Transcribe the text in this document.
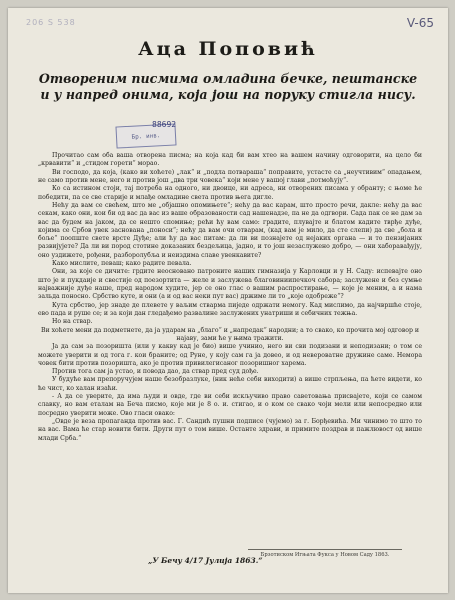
206 S 538	V-65
Бр. инв.
88692
Аца Поповић
Отвореним писмима омладина бечке, пештанске и у напред онима, која још на поруку стигла нису.

Прочитао сам оба ваша отворена писма; на која кад би вам хтео на вашем начину одговорити, на цело би „крвавити“ и „стидом горети“ морао.

Ви господо, да која, (како ви хоћете) „лак“ и „подла потвараша“ поправите, устасте са „неучтивим“ опадањем, не само против мене, него и против још „два три човека“ који мене у вашој глави „потмоћују“.

Ко са истином стоји, тај потреба на одного, ни двоице, ни адреса, ни отворених писама у обранту; с њоме ће победити, па се све старије и млађе омладине света против њега дигле.

Нећу да вам се свећем, што ме „објашно опомињете“; нећу да вас карам, што просто речи, дакле: нећу да вас секам, како они, кои би од вас да вас из ваше образованости сад нашенадзе, па не да одгвори. Сада пак се не дам за вас да будем на јаком, да се нешто спомиње; рећи ћу вам само: градите, плувајте и блатом кадите тврђе дуђе, којима се Србов увек заснована „поноси“; нећу да вам очи отварам, (кад вам је мило, да сте слепи) да све „бола и боље“ поопште свете врсте Дуђе; али ћу да вас питам: да ли ви познајете од нејаких органа — и то пензијаних развијујете? Да ли ви пород стотине доказаних бездељица, јадно, и то још незаслужено добро, — они хаборавађују, оно уздижете, рођени, разборолубља и неиздима славе увенкавите?

Како мислите, певаш; како радите певала.

Они, за које се дичите: грдите неосновано патроните наших гимназија у Карловци и у Н. Саду: испевајте оно што је и пукдаије и свестије од поезортита — желе и заслужева благовиниипечкоч сабора; заслужене и без сумње најважније дуђе наше, пред народом худите, јер се оно глас о вашим распростирање, — које је меним, а и нама зальда поносно. Србство куте, и они (а и од вас неки пут вас) држиме ли то „које одобреже“?

Кута србство, јер знаде де плевете у ваљим стварма пиједе одржати немогу. Кад мислимо, да најчвршће стоје, ево пада и рушe се; и за који дан гледађемо развалине заслужених унатриши и себичних тежња.

Но на ствар.

Ви хоћете мени да подметнете, да ја ударам на „благо“ и „напредак“ народни; а то свако, ко прочита мој одговор и најаву, зами ће у њима тражити.

Ја да сам за позоришта (или у какву кад је био) више учинио, него ви сви подизани и неподизани; о том се можете уверити и од тога г. кои бранитe; од Руне, у коју сам га ја довео, и од невероватне дружине саме. Немора човек бити против позоришта, ако је против привилегисаног позоришног харема.

Против тога сам ја устао, и поводa дао, да ствар пред суд дође.

У будуће вам препоручујем наше безобразлуке, (ник неће себи виходити) а више стрпљења, па ћете видети, ко ће чист, ко халан изаћи.

- А да се уверите, да има људи и овде, где ви себи искључиво право саветовања присвајете, који се самом славку, но вам еталам на Беча писмо, које ми је 8 о. и. стигао, и о ком се свако чоји мели или непосредно или посредно уверити може. Ово гласи овако:

„Овде је веза пропаганда против вас. Г. Сандић пушни подписе (чујемо) за г. Борђевића. Ми чинимо то што то на вас. Вама ће стар новити бити. Други пут о том више. Останте здрави, и примите поздрав и пажлювост од више млади Срба.“

„У Бечу 4/17 Јулија 1863.“
Брзотиском Игњата Фукса у Новом Саду 1863.
